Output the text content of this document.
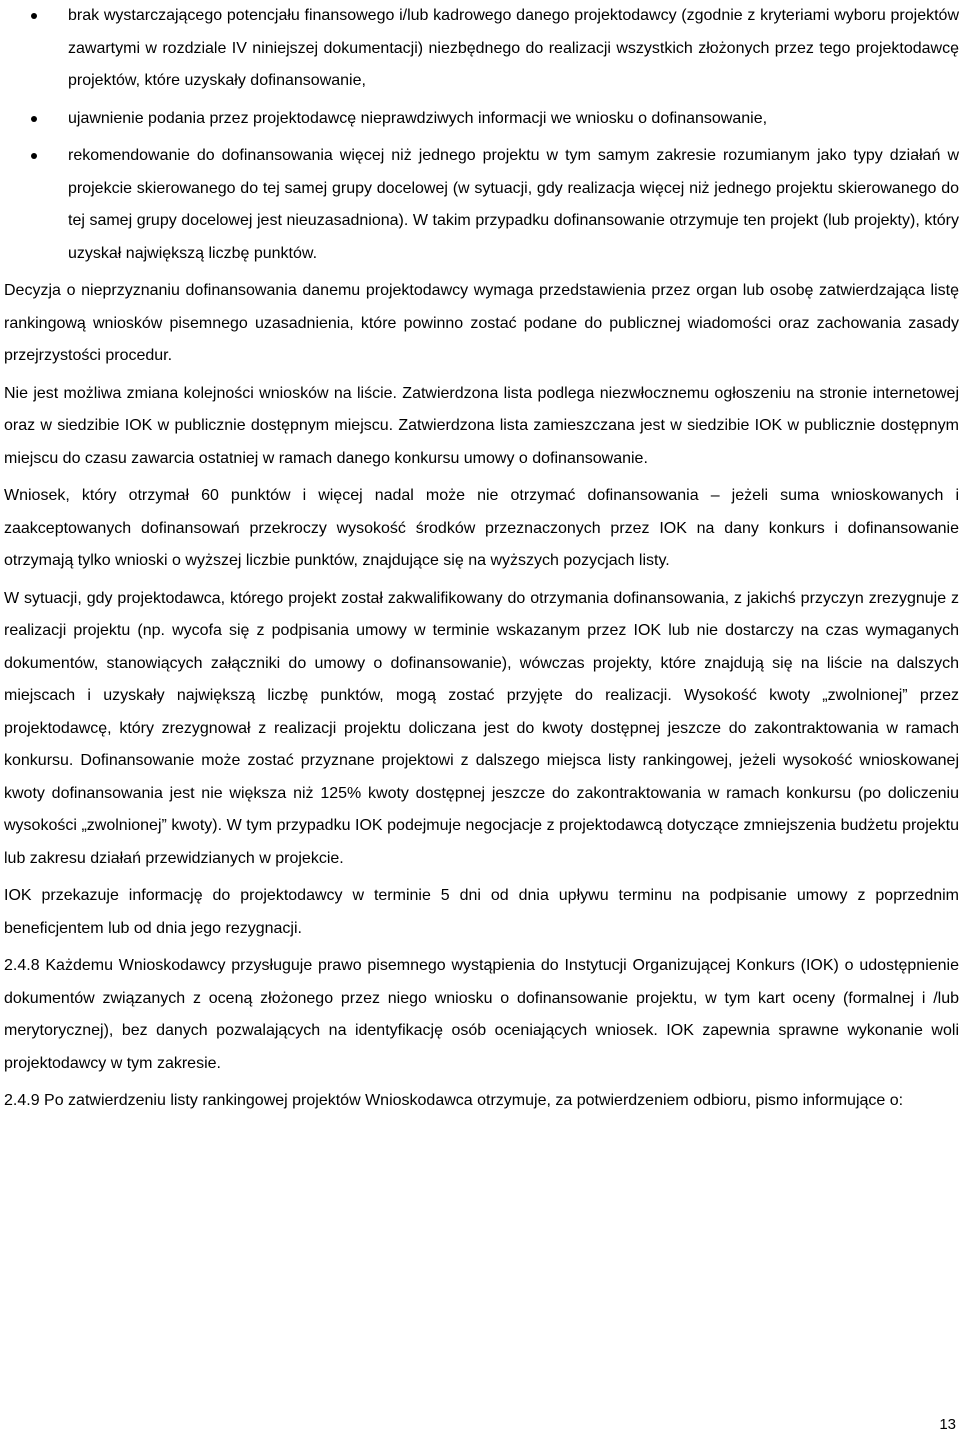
brak wystarczającego potencjału finansowego i/lub kadrowego danego projektodawcy (zgodnie z kryteriami wyboru projektów zawartymi w rozdziale IV niniejszej dokumentacji) niezbędnego do realizacji wszystkich złożonych przez tego projektodawcę projektów, które uzyskały dofinansowanie,
ujawnienie podania przez projektodawcę nieprawdziwych informacji we wniosku o dofinansowanie,
rekomendowanie do dofinansowania więcej niż jednego projektu w tym samym zakresie rozumianym jako typy działań w projekcie skierowanego do tej samej grupy docelowej (w sytuacji, gdy realizacja więcej niż jednego projektu skierowanego do tej samej grupy docelowej jest nieuzasadniona). W takim przypadku dofinansowanie otrzymuje ten projekt (lub projekty), który uzyskał największą liczbę punktów.

Decyzja o nieprzyznaniu dofinansowania danemu projektodawcy wymaga przedstawienia przez organ lub osobę zatwierdzająca listę rankingową wniosków pisemnego uzasadnienia, które powinno zostać podane do publicznej wiadomości oraz zachowania zasady przejrzystości procedur.

Nie jest możliwa zmiana kolejności wniosków na liście. Zatwierdzona lista podlega niezwłocznemu ogłoszeniu na stronie internetowej oraz w siedzibie IOK w publicznie dostępnym miejscu. Zatwierdzona lista zamieszczana jest w siedzibie IOK w publicznie dostępnym miejscu do czasu zawarcia ostatniej w ramach danego konkursu umowy o dofinansowanie.

Wniosek, który otrzymał 60 punktów i więcej nadal może nie otrzymać dofinansowania – jeżeli suma wnioskowanych i zaakceptowanych dofinansowań przekroczy wysokość środków przeznaczonych przez IOK na dany konkurs i dofinansowanie otrzymają tylko wnioski o wyższej liczbie punktów, znajdujące się na wyższych pozycjach listy.

W sytuacji, gdy projektodawca, którego projekt został zakwalifikowany do otrzymania dofinansowania, z jakichś przyczyn zrezygnuje z realizacji projektu (np. wycofa się z podpisania umowy w terminie wskazanym przez IOK lub nie dostarczy na czas wymaganych dokumentów, stanowiących załączniki do umowy o dofinansowanie), wówczas projekty, które znajdują się na liście na dalszych miejscach i uzyskały największą liczbę punktów, mogą zostać przyjęte do realizacji. Wysokość kwoty „zwolnionej” przez projektodawcę, który zrezygnował z realizacji projektu doliczana jest do kwoty dostępnej jeszcze do zakontraktowania w ramach konkursu. Dofinansowanie może zostać przyznane projektowi z dalszego miejsca listy rankingowej, jeżeli wysokość wnioskowanej kwoty dofinansowania jest nie większa niż 125% kwoty dostępnej jeszcze do zakontraktowania w ramach konkursu (po doliczeniu wysokości „zwolnionej” kwoty). W tym przypadku IOK podejmuje negocjacje z projektodawcą dotyczące zmniejszenia budżetu projektu lub zakresu działań przewidzianych w projekcie.

IOK przekazuje informację do projektodawcy w terminie 5 dni od dnia upływu terminu na podpisanie umowy z poprzednim beneficjentem lub od dnia jego rezygnacji.

2.4.8 Każdemu Wnioskodawcy przysługuje prawo pisemnego wystąpienia do Instytucji Organizującej Konkurs (IOK) o udostępnienie dokumentów związanych z oceną złożonego przez niego wniosku o dofinansowanie projektu, w tym kart oceny (formalnej i /lub merytorycznej), bez danych pozwalających na identyfikację osób oceniających wniosek. IOK zapewnia sprawne wykonanie woli projektodawcy w tym zakresie.

2.4.9 Po zatwierdzeniu listy rankingowej projektów Wnioskodawca otrzymuje, za potwierdzeniem odbioru, pismo informujące o:

13
